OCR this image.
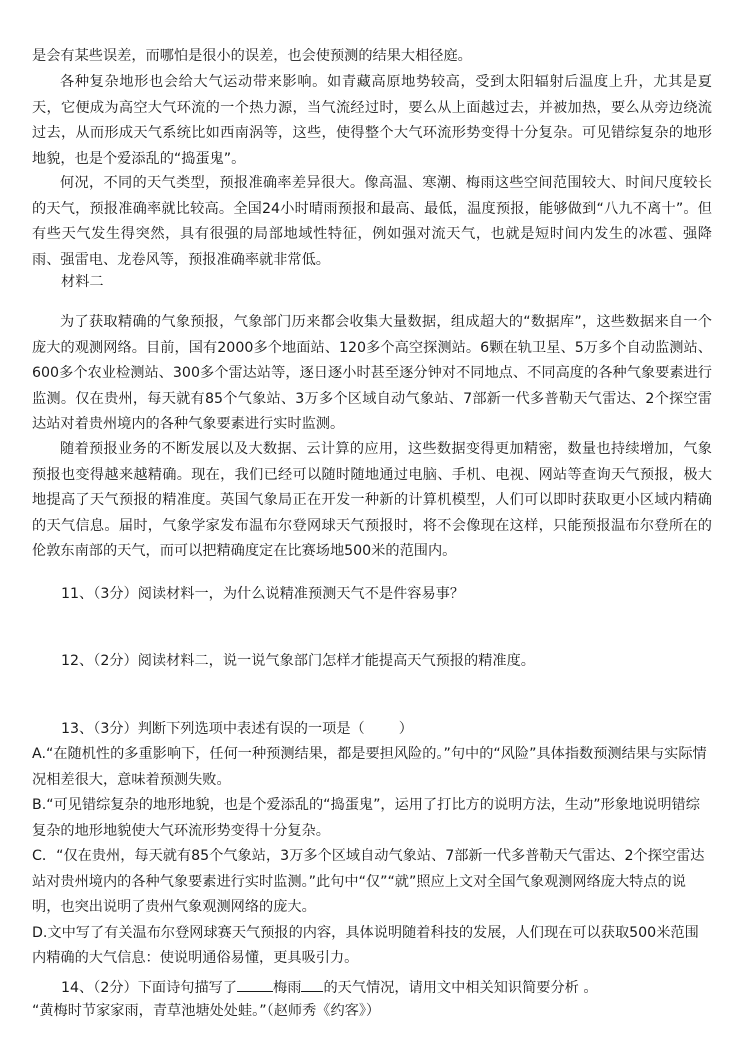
是会有某些误差，而哪怕是很小的误差，也会使预测的结果大相径庭。

各种复杂地形也会给大气运动带来影响。如青藏高原地势较高，受到太阳辐射后温度上升，尤其是夏天，它便成为高空大气环流的一个热力源，当气流经过时，要么从上面越过去，并被加热，要么从旁边绕流过去，从而形成天气系统比如西南涡等，这些，使得整个大气环流形势变得十分复杂。可见错综复杂的地形地貌，也是个爱添乱的“捣蛋鬼”。

何况，不同的天气类型，预报准确率差异很大。像高温、寒潮、梅雨这些空间范围较大、时间尺度较长的天气，预报准确率就比较高。全国24小时晴雨预报和最高、最低，温度预报，能够做到“八九不离十”。但有些天气发生得突然，具有很强的局部地域性特征，例如强对流天气，也就是短时间内发生的冰雹、强降雨、强雷电、龙卷风等，预报准确率就非常低。

材料二

为了获取精确的气象预报，气象部门历来都会收集大量数据，组成超大的“数据库”，这些数据来自一个庞大的观测网络。目前，国有2000多个地面站、120多个高空探测站。6颗在轨卫星、5万多个自动监测站、600多个农业检测站、300多个雷达站等，逐日逐小时甚至逐分钟对不同地点、不同高度的各种气象要素进行监测。仅在贵州，每天就有85个气象站、3万多个区域自动气象站、7部新一代多普勒天气雷达、2个探空雷达站对着贵州境内的各种气象要素进行实时监测。

随着预报业务的不断发展以及大数据、云计算的应用，这些数据变得更加精密，数量也持续增加，气象预报也变得越来越精确。现在，我们已经可以随时随地通过电脑、手机、电视、网站等查询天气预报，极大地提高了天气预报的精准度。英国气象局正在开发一种新的计算机模型，人们可以即时获取更小区域内精确的天气信息。届时，气象学家发布温布尔登网球天气预报时，将不会像现在这样，只能预报温布尔登所在的伦敦东南部的天气，而可以把精确度定在比赛场地500米的范围内。

11、（3分）阅读材料一，为什么说精准预测天气不是件容易事？

12、（2分）阅读材料二，说一说气象部门怎样才能提高天气预报的精准度。

13、（3分）判断下列选项中表述有误的一项是（ ）

A.“在随机性的多重影响下，任何一种预测结果，都是要担风险的。”句中的“风险”具体指数预测结果与实际情况相差很大，意味着预测失败。

B.“可见错综复杂的地形地貌，也是个爱添乱的“捣蛋鬼”，运用了打比方的说明方法，生动”形象地说明错综复杂的地形地貌使大气环流形势变得十分复杂。

C．“仅在贵州，每天就有85个气象站，3万多个区域自动气象站、7部新一代多普勒天气雷达、2个探空雷达站对贵州境内的各种气象要素进行实时监测。”此句中“仅”“就”照应上文对全国气象观测网络庞大特点的说明，也突出说明了贵州气象观测网络的庞大。

D.文中写了有关温布尔登网球赛天气预报的内容，具体说明随着科技的发展，人们现在可以获取500米范围内精确的大气信息：使说明通俗易懂，更具吸引力。

14、（2分）下面诗句描写了	梅雨 的天气情况，请用文中相关知识简要分析 。

“黄梅时节家家雨，青草池塘处处蛙。”（赵师秀《约客》）
